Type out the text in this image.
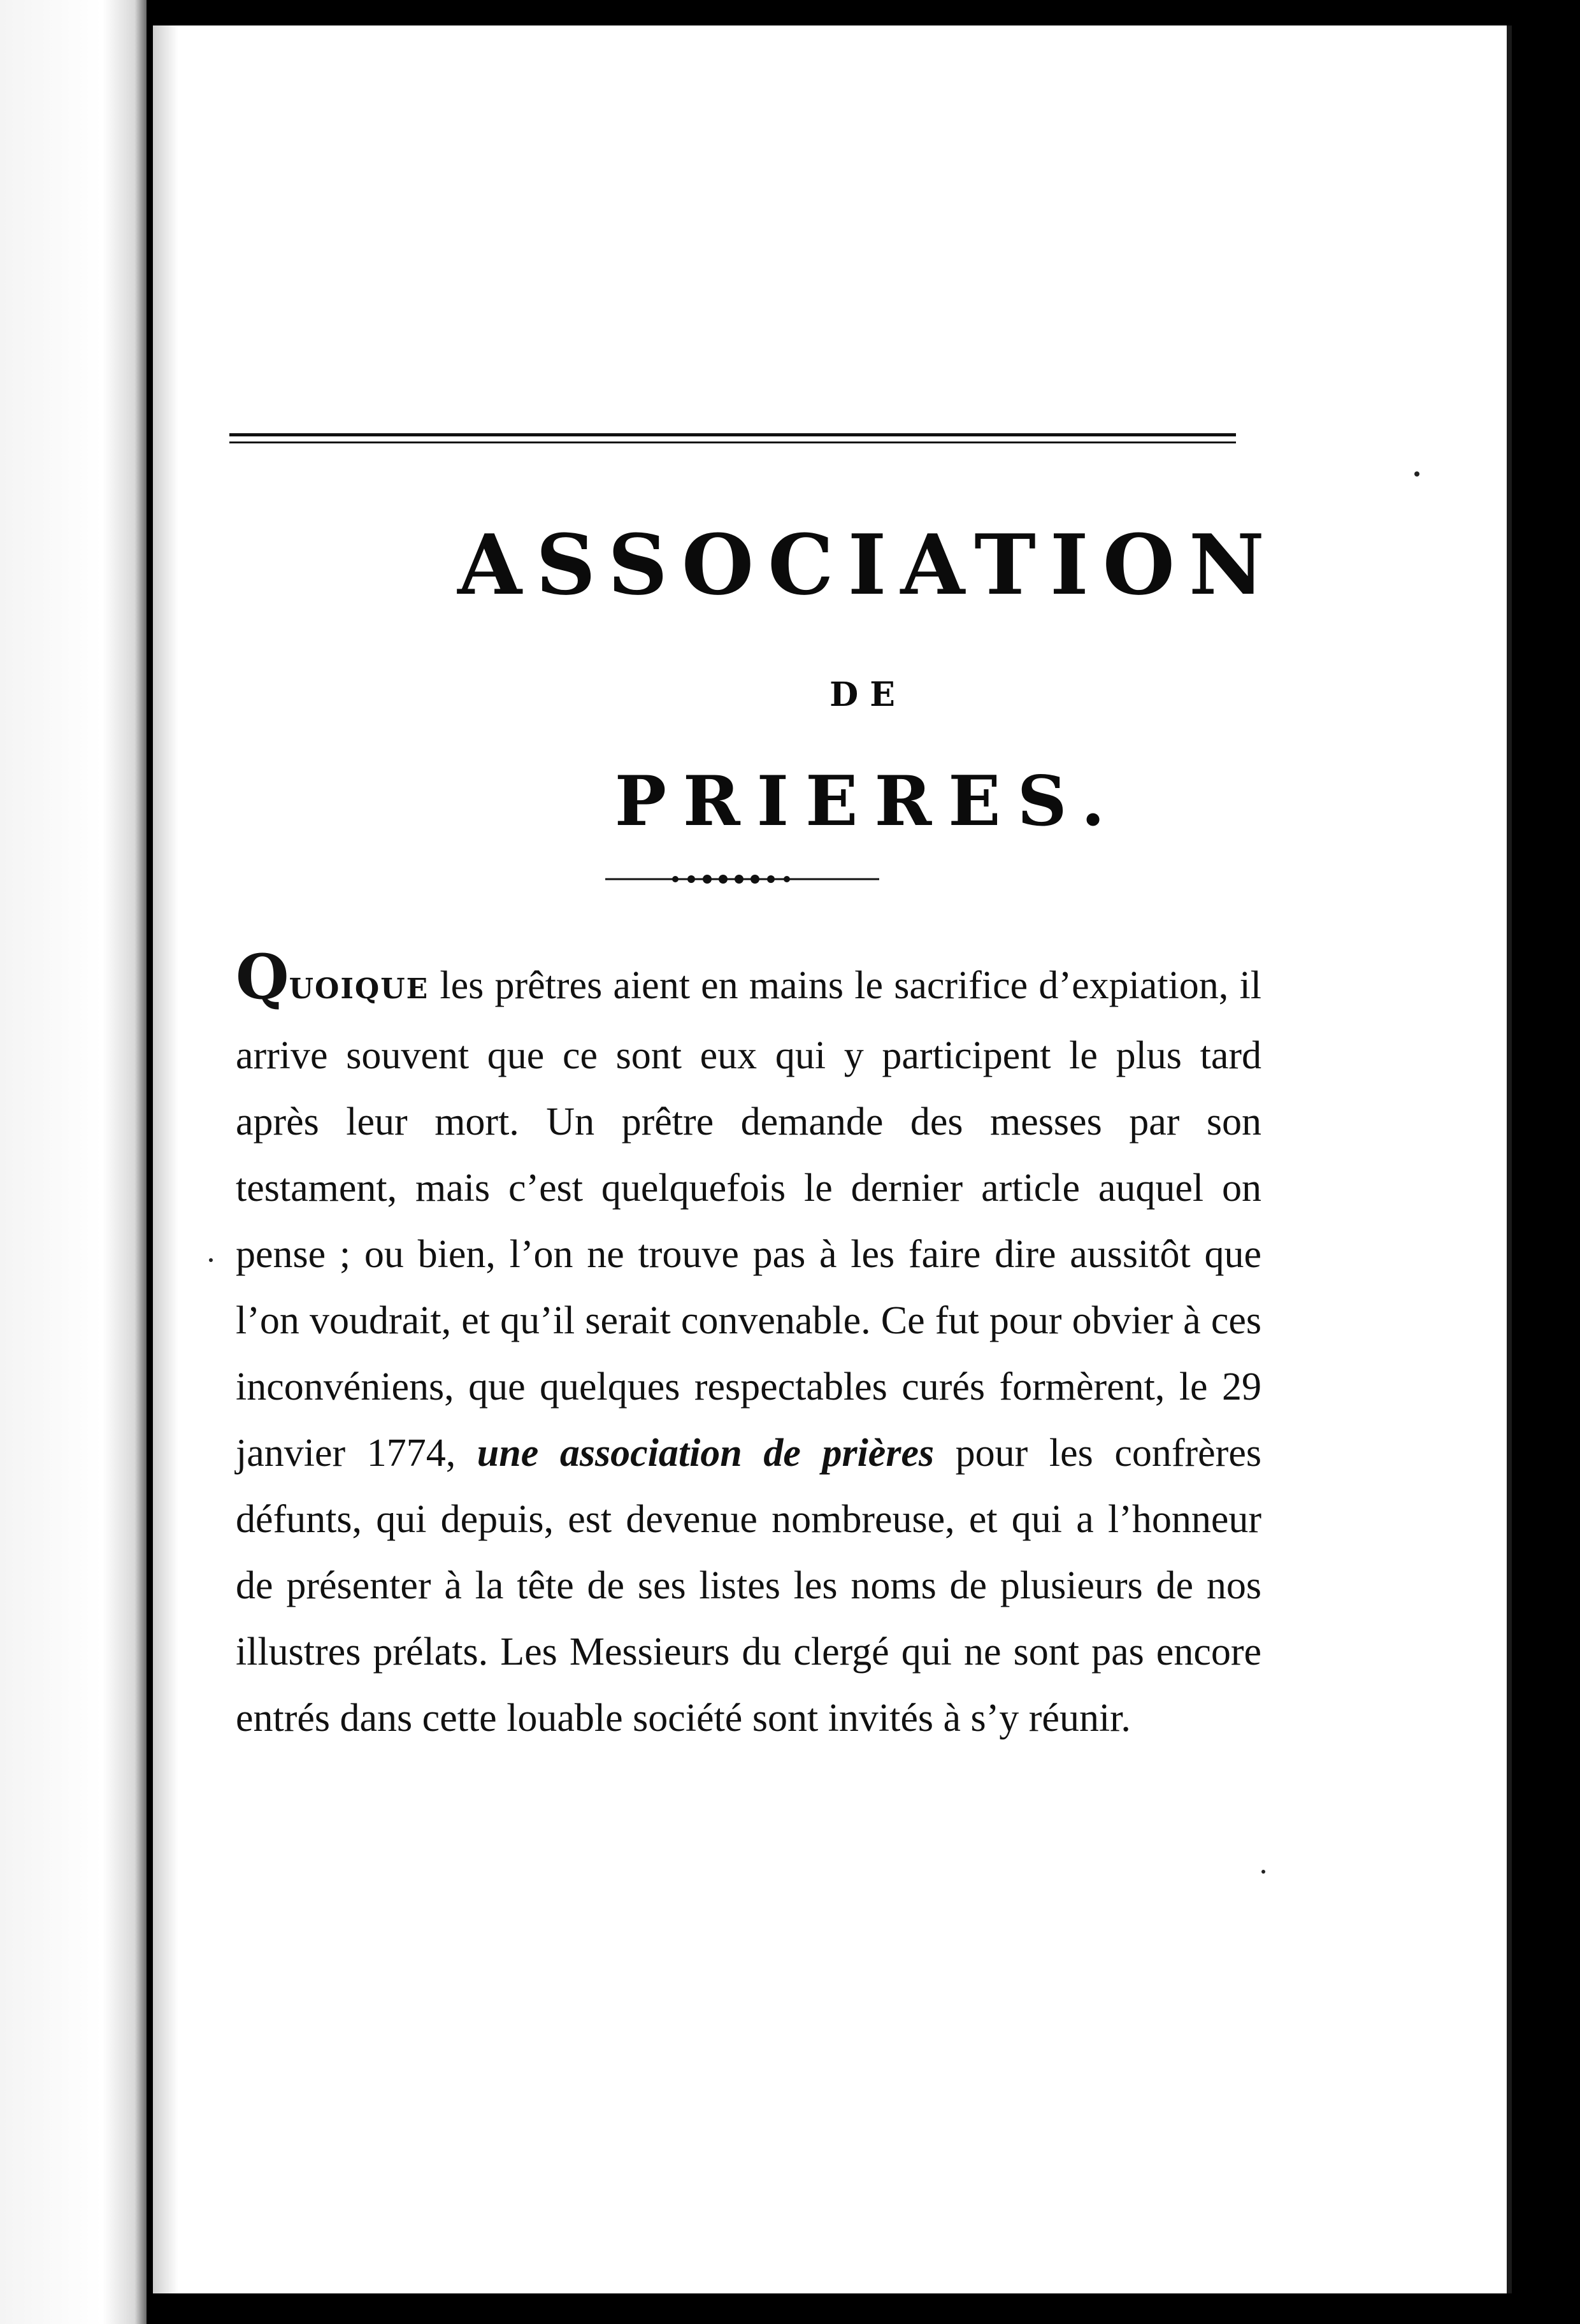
ASSOCIATION
DE
PRIERES.

QUOIQUE les prêtres aient en mains le sacrifice d’expiation, il arrive souvent que ce sont eux qui y participent le plus tard après leur mort. Un prêtre demande des messes par son testament, mais c’est quelquefois le dernier article auquel on pense ; ou bien, l’on ne trouve pas à les faire dire aussitôt que l’on voudrait, et qu’il serait convenable. Ce fut pour obvier à ces inconvéniens, que quelques respectables curés formèrent, le 29 janvier 1774, une association de prières pour les confrères défunts, qui depuis, est devenue nombreuse, et qui a l’honneur de présenter à la tête de ses listes les noms de plusieurs de nos illustres prélats. Les Messieurs du clergé qui ne sont pas encore entrés dans cette louable société sont invités à s’y réunir.
